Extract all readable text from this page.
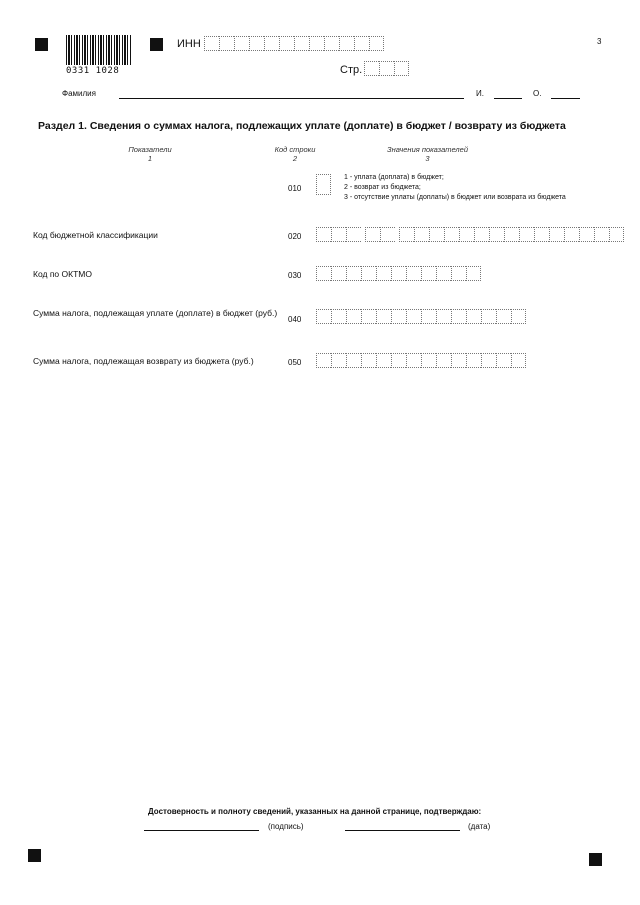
0331 1028
3
ИНН
Стр.
Фамилия	И.	О.
Раздел 1. Сведения о суммах налога, подлежащих уплате (доплате) в бюджет / возврату из бюджета
Показатели
1
Код строки
2
Значения показателей
3
010
1 - уплата (доплата) в бюджет;
2 - возврат из бюджета;
3 - отсутствие уплаты (доплаты) в бюджет или возврата из бюджета
Код бюджетной классификации	020
Код по ОКТМО	030
Сумма налога, подлежащая уплате (доплате) в бюджет (руб.)
040
Сумма налога, подлежащая возврату из бюджета (руб.)	050
Достоверность и полноту сведений, указанных на данной странице, подтверждаю:
(подпись)	(дата)
